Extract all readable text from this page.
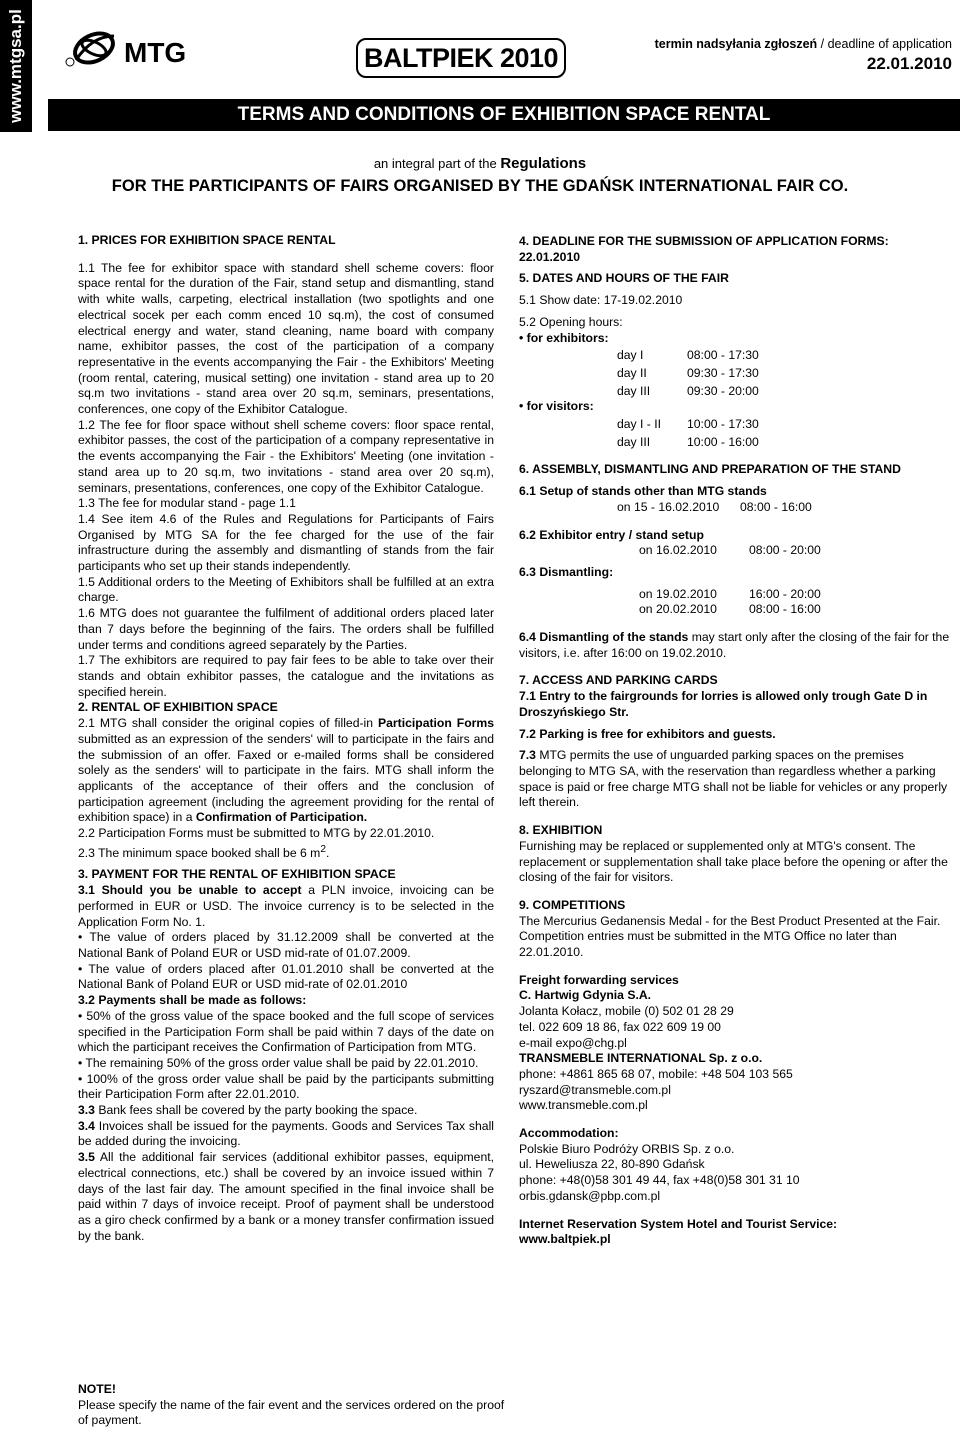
www.mtgsa.pl	MTG	BALTPIEK 2010	termin nadsyłania zgłoszeń / deadline of application
22.01.2010
TERMS AND CONDITIONS OF EXHIBITION SPACE RENTAL
an integral part of the Regulations
FOR THE PARTICIPANTS OF FAIRS ORGANISED BY THE GDAŃSK INTERNATIONAL FAIR CO.

1. PRICES FOR EXHIBITION SPACE RENTAL

1.1 The fee for exhibitor space with standard shell scheme covers: floor space rental for the duration of the Fair, stand setup and dismantling, stand with white walls, carpeting, electrical installation (two spotlights and one electrical socek per each comm enced 10 sq.m), the cost of consumed electrical energy and water, stand cleaning, name board with company name, exhibitor passes, the cost of the participation of a company representative in the events accompanying the Fair - the Exhibitors' Meeting (room rental, catering, musical setting) one invitation - stand area up to 20 sq.m two invitations - stand area over 20 sq.m, seminars, presentations, conferences, one copy of the Exhibitor Catalogue.

1.2 The fee for floor space without shell scheme covers: floor space rental, exhibitor passes, the cost of the participation of a company representative in the events accompanying the Fair - the Exhibitors' Meeting (one invitation - stand area up to 20 sq.m, two invitations - stand area over 20 sq.m), seminars, presentations, conferences, one copy of the Exhibitor Catalogue.

1.3 The fee for modular stand - page 1.1

1.4 See item 4.6 of the Rules and Regulations for Participants of Fairs Organised by MTG SA for the fee charged for the use of the fair infrastructure during the assembly and dismantling of stands from the fair participants who set up their stands independently.

1.5 Additional orders to the Meeting of Exhibitors shall be fulfilled at an extra charge.

1.6 MTG does not guarantee the fulfilment of additional orders placed later than 7 days before the beginning of the fairs. The orders shall be fulfilled under terms and conditions agreed separately by the Parties.

1.7 The exhibitors are required to pay fair fees to be able to take over their stands and obtain exhibitor passes, the catalogue and the invitations as specified herein.

2. RENTAL OF EXHIBITION SPACE

2.1 MTG shall consider the original copies of filled-in Participation Forms submitted as an expression of the senders' will to participate in the fairs and the submission of an offer. Faxed or e-mailed forms shall be considered solely as the senders' will to participate in the fairs. MTG shall inform the applicants of the acceptance of their offers and the conclusion of participation agreement (including the agreement providing for the rental of exhibition space) in a Confirmation of Participation.

2.2 Participation Forms must be submitted to MTG by 22.01.2010.

2.3 The minimum space booked shall be 6 $m^2$.

3. PAYMENT FOR THE RENTAL OF EXHIBITION SPACE

3.1 Should you be unable to accept a PLN invoice, invoicing can be performed in EUR or USD. The invoice currency is to be selected in the Application Form No. 1.

• The value of orders placed by 31.12.2009 shall be converted at the National Bank of Poland EUR or USD mid-rate of 01.07.2009.

• The value of orders placed after 01.01.2010 shall be converted at the National Bank of Poland EUR or USD mid-rate of 02.01.2010

3.2 Payments shall be made as follows:

• 50% of the gross value of the space booked and the full scope of services specified in the Participation Form shall be paid within 7 days of the date on which the participant receives the Confirmation of Participation from MTG.

• The remaining 50% of the gross order value shall be paid by 22.01.2010.

• 100% of the gross order value shall be paid by the participants submitting their Participation Form after 22.01.2010.

3.3 Bank fees shall be covered by the party booking the space.

3.4 Invoices shall be issued for the payments. Goods and Services Tax shall be added during the invoicing.

3.5 All the additional fair services (additional exhibitor passes, equipment, electrical connections, etc.) shall be covered by an invoice issued within 7 days of the last fair day. The amount specified in the final invoice shall be paid within 7 days of invoice receipt. Proof of payment shall be understood as a giro check confirmed by a bank or a money transfer confirmation issued by the bank.

NOTE!

Please specify the name of the fair event and the services ordered on the proof of payment.

4. DEADLINE FOR THE SUBMISSION OF APPLICATION FORMS:

22.01.2010

5. DATES AND HOURS OF THE FAIR

5.1 Show date: 17-19.02.2010

5.2 Opening hours:

• for exhibitors:

day I	08:00 - 17:30
day II	09:30 - 17:30
day III	09:30 - 20:00

• for visitors:

day I - II	10:00 - 17:30
day III	10:00 - 16:00

6. ASSEMBLY, DISMANTLING AND PREPARATION OF THE STAND

6.1 Setup of stands other than MTG stands

on 15 - 16.02.2010	08:00 - 16:00

6.2 Exhibitor entry / stand setup

on 16.02.2010	08:00 - 20:00

6.3 Dismantling:

on 19.02.2010	16:00 - 20:00
on 20.02.2010	08:00 - 16:00

6.4 Dismantling of the stands may start only after the closing of the fair for the visitors, i.e. after 16:00 on 19.02.2010.

7. ACCESS AND PARKING CARDS

7.1 Entry to the fairgrounds for lorries is allowed only trough Gate D in Droszyńskiego Str.

7.2 Parking is free for exhibitors and guests.

7.3 MTG permits the use of unguarded parking spaces on the premises belonging to MTG SA, with the reservation than regardless whether a parking space is paid or free charge MTG shall not be liable for vehicles or any properly left therein.

8. EXHIBITION

Furnishing may be replaced or supplemented only at MTG's consent. The replacement or supplementation shall take place before the opening or after the closing of the fair for visitors.

9. COMPETITIONS

The Mercurius Gedanensis Medal - for the Best Product Presented at the Fair. Competition entries must be submitted in the MTG Office no later than 22.01.2010.

Freight forwarding services

C. Hartwig Gdynia S.A.

Jolanta Kołacz, mobile (0) 502 01 28 29

tel. 022 609 18 86, fax 022 609 19 00

e-mail expo@chg.pl

TRANSMEBLE INTERNATIONAL Sp. z o.o.

phone: +4861 865 68 07, mobile: +48 504 103 565

ryszard@transmeble.com.pl

www.transmeble.com.pl

Accommodation:

Polskie Biuro Podróży ORBIS Sp. z o.o.

ul. Heweliusza 22, 80-890 Gdańsk

phone: +48(0)58 301 49 44, fax +48(0)58 301 31 10

orbis.gdansk@pbp.com.pl

Internet Reservation System Hotel and Tourist Service:

www.baltpiek.pl
